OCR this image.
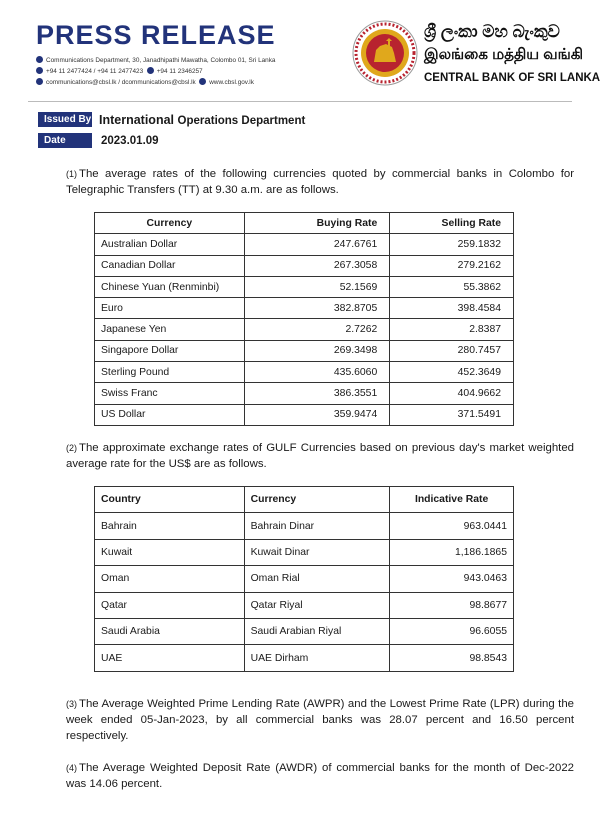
PRESS RELEASE
Communications Department, 30, Janadhipathi Mawatha, Colombo 01, Sri Lanka
+94 11 2477424 / +94 11 2477423 +94 11 2346257
communications@cbsl.lk / dcommunications@cbsl.lk www.cbsl.gov.lk
ශ්‍රී ලංකා මහ බැංකුව
இலங்கை மத்திய வங்கி
CENTRAL BANK OF SRI LANKA
Issued By International Operations Department
Date	2023.01.09
(1) The average rates of the following currencies quoted by commercial banks in Colombo for Telegraphic Transfers (TT) at 9.30 a.m. are as follows.
Currency	Buying Rate	Selling Rate
Australian Dollar	247.6761	259.1832
Canadian Dollar	267.3058	279.2162
Chinese Yuan (Renminbi)	52.1569	55.3862
Euro	382.8705	398.4584
Japanese Yen	2.7262	2.8387
Singapore Dollar	269.3498	280.7457
Sterling Pound	435.6060	452.3649
Swiss Franc	386.3551	404.9662
US Dollar	359.9474	371.5491
(2) The approximate exchange rates of GULF Currencies based on previous day's market weighted average rate for the US$ are as follows.
Country	Currency	Indicative Rate
Bahrain	Bahrain Dinar	963.0441
Kuwait	Kuwait Dinar	1,186.1865
Oman	Oman Rial	943.0463
Qatar	Qatar Riyal	98.8677
Saudi Arabia	Saudi Arabian Riyal	96.6055
UAE	UAE Dirham	98.8543
(3) The Average Weighted Prime Lending Rate (AWPR) and the Lowest Prime Rate (LPR) during the week ended 05-Jan-2023, by all commercial banks was 28.07 percent and 16.50 percent respectively.
(4) The Average Weighted Deposit Rate (AWDR) of commercial banks for the month of Dec-2022 was 14.06 percent.
